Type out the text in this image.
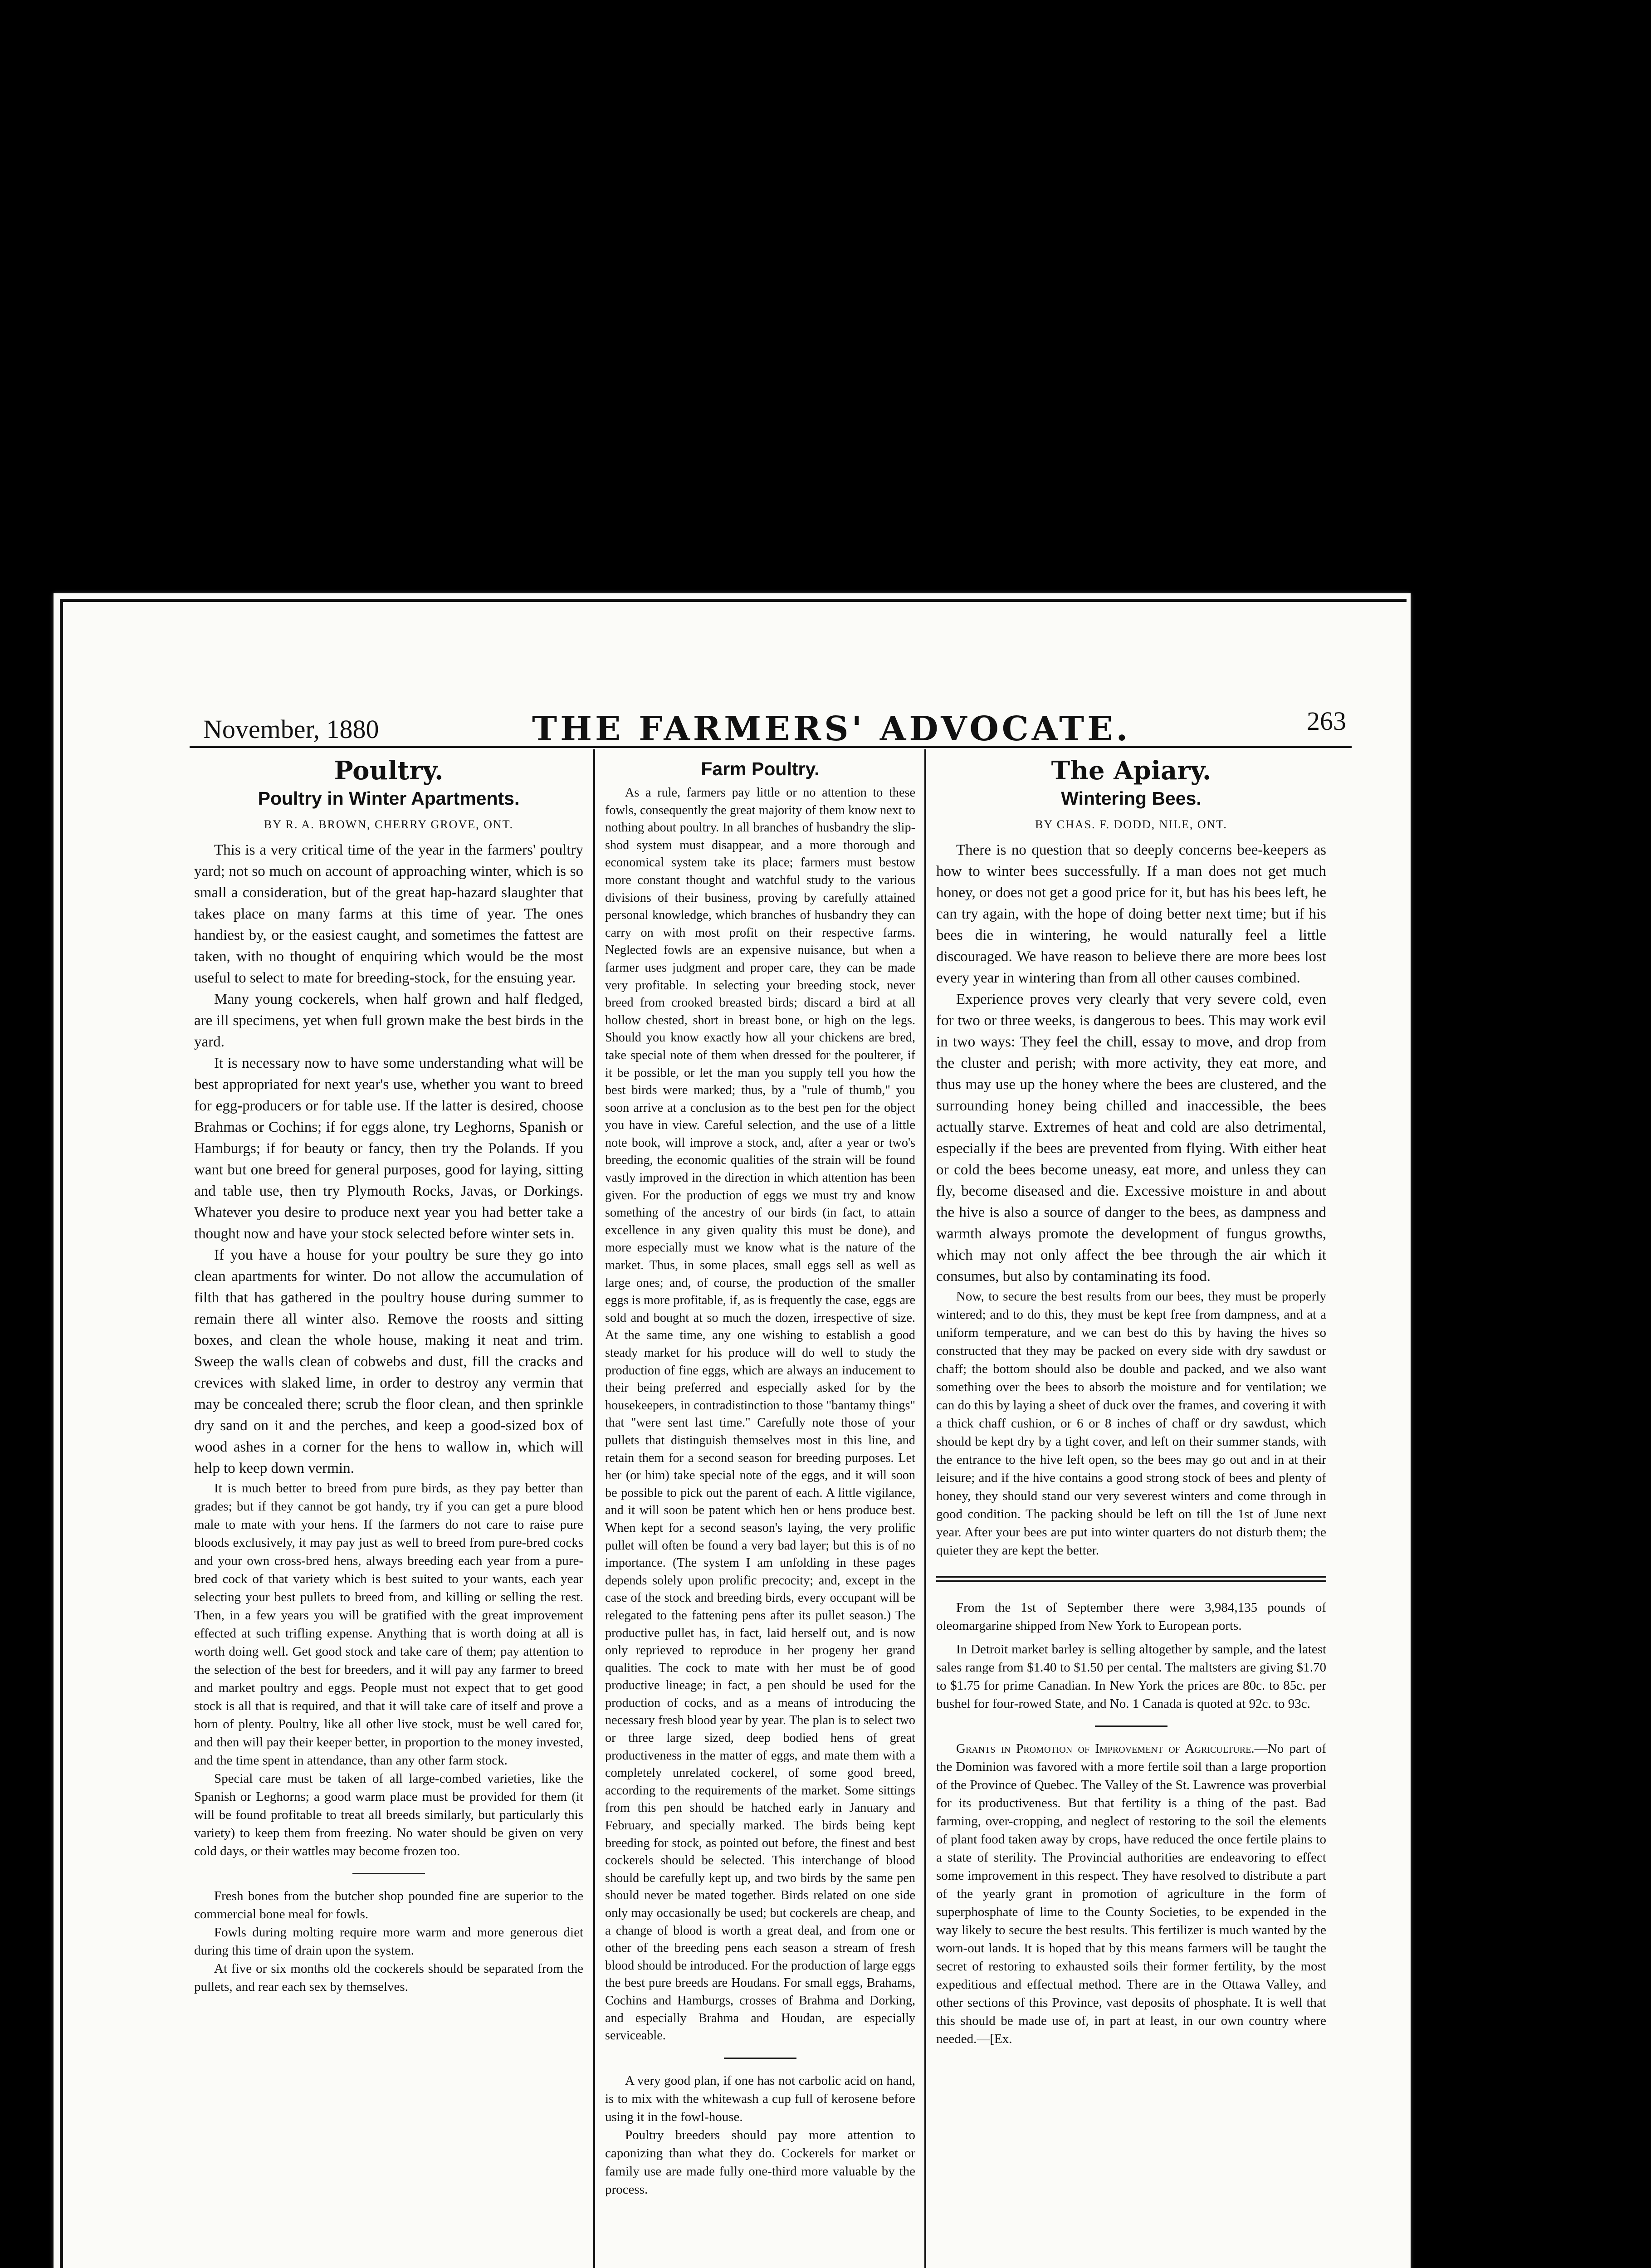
November, 1880	THE FARMERS' ADVOCATE.	263
Poultry.
Poultry in Winter Apartments.
BY R. A. BROWN, CHERRY GROVE, ONT.

This is a very critical time of the year in the farmers' poultry yard; not so much on account of approaching winter, which is so small a consideration, but of the great hap-hazard slaughter that takes place on many farms at this time of year. The ones handiest by, or the easiest caught, and sometimes the fattest are taken, with no thought of enquiring which would be the most useful to select to mate for breeding-stock, for the ensuing year.

Many young cockerels, when half grown and half fledged, are ill specimens, yet when full grown make the best birds in the yard.

It is necessary now to have some understanding what will be best appropriated for next year's use, whether you want to breed for egg-producers or for table use. If the latter is desired, choose Brahmas or Cochins; if for eggs alone, try Leghorns, Spanish or Hamburgs; if for beauty or fancy, then try the Polands. If you want but one breed for general purposes, good for laying, sitting and table use, then try Plymouth Rocks, Javas, or Dorkings. Whatever you desire to produce next year you had better take a thought now and have your stock selected before winter sets in.

If you have a house for your poultry be sure they go into clean apartments for winter. Do not allow the accumulation of filth that has gathered in the poultry house during summer to remain there all winter also. Remove the roosts and sitting boxes, and clean the whole house, making it neat and trim. Sweep the walls clean of cobwebs and dust, fill the cracks and crevices with slaked lime, in order to destroy any vermin that may be concealed there; scrub the floor clean, and then sprinkle dry sand on it and the perches, and keep a good-sized box of wood ashes in a corner for the hens to wallow in, which will help to keep down vermin.

It is much better to breed from pure birds, as they pay better than grades; but if they cannot be got handy, try if you can get a pure blood male to mate with your hens. If the farmers do not care to raise pure bloods exclusively, it may pay just as well to breed from pure-bred cocks and your own cross-bred hens, always breeding each year from a pure-bred cock of that variety which is best suited to your wants, each year selecting your best pullets to breed from, and killing or selling the rest. Then, in a few years you will be gratified with the great improvement effected at such trifling expense. Anything that is worth doing at all is worth doing well. Get good stock and take care of them; pay attention to the selection of the best for breeders, and it will pay any farmer to breed and market poultry and eggs. People must not expect that to get good stock is all that is required, and that it will take care of itself and prove a horn of plenty. Poultry, like all other live stock, must be well cared for, and then will pay their keeper better, in proportion to the money invested, and the time spent in attendance, than any other farm stock.

Special care must be taken of all large-combed varieties, like the Spanish or Leghorns; a good warm place must be provided for them (it will be found profitable to treat all breeds similarly, but particularly this variety) to keep them from freezing. No water should be given on very cold days, or their wattles may become frozen too.

Fresh bones from the butcher shop pounded fine are superior to the commercial bone meal for fowls.

Fowls during molting require more warm and more generous diet during this time of drain upon the system.

At five or six months old the cockerels should be separated from the pullets, and rear each sex by themselves.

Farm Poultry.

As a rule, farmers pay little or no attention to these fowls, consequently the great majority of them know next to nothing about poultry. In all branches of husbandry the slip-shod system must disappear, and a more thorough and economical system take its place; farmers must bestow more constant thought and watchful study to the various divisions of their business, proving by carefully attained personal knowledge, which branches of husbandry they can carry on with most profit on their respective farms. Neglected fowls are an expensive nuisance, but when a farmer uses judgment and proper care, they can be made very profitable. In selecting your breeding stock, never breed from crooked breasted birds; discard a bird at all hollow chested, short in breast bone, or high on the legs. Should you know exactly how all your chickens are bred, take special note of them when dressed for the poulterer, if it be possible, or let the man you supply tell you how the best birds were marked; thus, by a "rule of thumb," you soon arrive at a conclusion as to the best pen for the object you have in view. Careful selection, and the use of a little note book, will improve a stock, and, after a year or two's breeding, the economic qualities of the strain will be found vastly improved in the direction in which attention has been given. For the production of eggs we must try and know something of the ancestry of our birds (in fact, to attain excellence in any given quality this must be done), and more especially must we know what is the nature of the market. Thus, in some places, small eggs sell as well as large ones; and, of course, the production of the smaller eggs is more profitable, if, as is frequently the case, eggs are sold and bought at so much the dozen, irrespective of size. At the same time, any one wishing to establish a good steady market for his produce will do well to study the production of fine eggs, which are always an inducement to their being preferred and especially asked for by the housekeepers, in contradistinction to those "bantamy things" that "were sent last time." Carefully note those of your pullets that distinguish themselves most in this line, and retain them for a second season for breeding purposes. Let her (or him) take special note of the eggs, and it will soon be possible to pick out the parent of each. A little vigilance, and it will soon be patent which hen or hens produce best. When kept for a second season's laying, the very prolific pullet will often be found a very bad layer; but this is of no importance. (The system I am unfolding in these pages depends solely upon prolific precocity; and, except in the case of the stock and breeding birds, every occupant will be relegated to the fattening pens after its pullet season.) The productive pullet has, in fact, laid herself out, and is now only reprieved to reproduce in her progeny her grand qualities. The cock to mate with her must be of good productive lineage; in fact, a pen should be used for the production of cocks, and as a means of introducing the necessary fresh blood year by year. The plan is to select two or three large sized, deep bodied hens of great productiveness in the matter of eggs, and mate them with a completely unrelated cockerel, of some good breed, according to the requirements of the market. Some sittings from this pen should be hatched early in January and February, and specially marked. The birds being kept breeding for stock, as pointed out before, the finest and best cockerels should be selected. This interchange of blood should be carefully kept up, and two birds by the same pen should never be mated together. Birds related on one side only may occasionally be used; but cockerels are cheap, and a change of blood is worth a great deal, and from one or other of the breeding pens each season a stream of fresh blood should be introduced. For the production of large eggs the best pure breeds are Houdans. For small eggs, Brahams, Cochins and Hamburgs, crosses of Brahma and Dorking, and especially Brahma and Houdan, are especially serviceable.

A very good plan, if one has not carbolic acid on hand, is to mix with the whitewash a cup full of kerosene before using it in the fowl-house.

Poultry breeders should pay more attention to caponizing than what they do. Cockerels for market or family use are made fully one-third more valuable by the process.

The Apiary.
Wintering Bees.
BY CHAS. F. DODD, NILE, ONT.

There is no question that so deeply concerns bee-keepers as how to winter bees successfully. If a man does not get much honey, or does not get a good price for it, but has his bees left, he can try again, with the hope of doing better next time; but if his bees die in wintering, he would naturally feel a little discouraged. We have reason to believe there are more bees lost every year in wintering than from all other causes combined.

Experience proves very clearly that very severe cold, even for two or three weeks, is dangerous to bees. This may work evil in two ways: They feel the chill, essay to move, and drop from the cluster and perish; with more activity, they eat more, and thus may use up the honey where the bees are clustered, and the surrounding honey being chilled and inaccessible, the bees actually starve. Extremes of heat and cold are also detrimental, especially if the bees are prevented from flying. With either heat or cold the bees become uneasy, eat more, and unless they can fly, become diseased and die. Excessive moisture in and about the hive is also a source of danger to the bees, as dampness and warmth always promote the development of fungus growths, which may not only affect the bee through the air which it consumes, but also by contaminating its food.

Now, to secure the best results from our bees, they must be properly wintered; and to do this, they must be kept free from dampness, and at a uniform temperature, and we can best do this by having the hives so constructed that they may be packed on every side with dry sawdust or chaff; the bottom should also be double and packed, and we also want something over the bees to absorb the moisture and for ventilation; we can do this by laying a sheet of duck over the frames, and covering it with a thick chaff cushion, or 6 or 8 inches of chaff or dry sawdust, which should be kept dry by a tight cover, and left on their summer stands, with the entrance to the hive left open, so the bees may go out and in at their leisure; and if the hive contains a good strong stock of bees and plenty of honey, they should stand our very severest winters and come through in good condition. The packing should be left on till the 1st of June next year. After your bees are put into winter quarters do not disturb them; the quieter they are kept the better.

From the 1st of September there were 3,984,135 pounds of oleomargarine shipped from New York to European ports.

In Detroit market barley is selling altogether by sample, and the latest sales range from $1.40 to $1.50 per cental. The maltsters are giving $1.70 to $1.75 for prime Canadian. In New York the prices are 80c. to 85c. per bushel for four-rowed State, and No. 1 Canada is quoted at 92c. to 93c.

Grants in Promotion of Improvement of Agriculture.—No part of the Dominion was favored with a more fertile soil than a large proportion of the Province of Quebec. The Valley of the St. Lawrence was proverbial for its productiveness. But that fertility is a thing of the past. Bad farming, over-cropping, and neglect of restoring to the soil the elements of plant food taken away by crops, have reduced the once fertile plains to a state of sterility. The Provincial authorities are endeavoring to effect some improvement in this respect. They have resolved to distribute a part of the yearly grant in promotion of agriculture in the form of superphosphate of lime to the County Societies, to be expended in the way likely to secure the best results. This fertilizer is much wanted by the worn-out lands. It is hoped that by this means farmers will be taught the secret of restoring to exhausted soils their former fertility, by the most expeditious and effectual method. There are in the Ottawa Valley, and other sections of this Province, vast deposits of phosphate. It is well that this should be made use of, in part at least, in our own country where needed.—[Ex.
